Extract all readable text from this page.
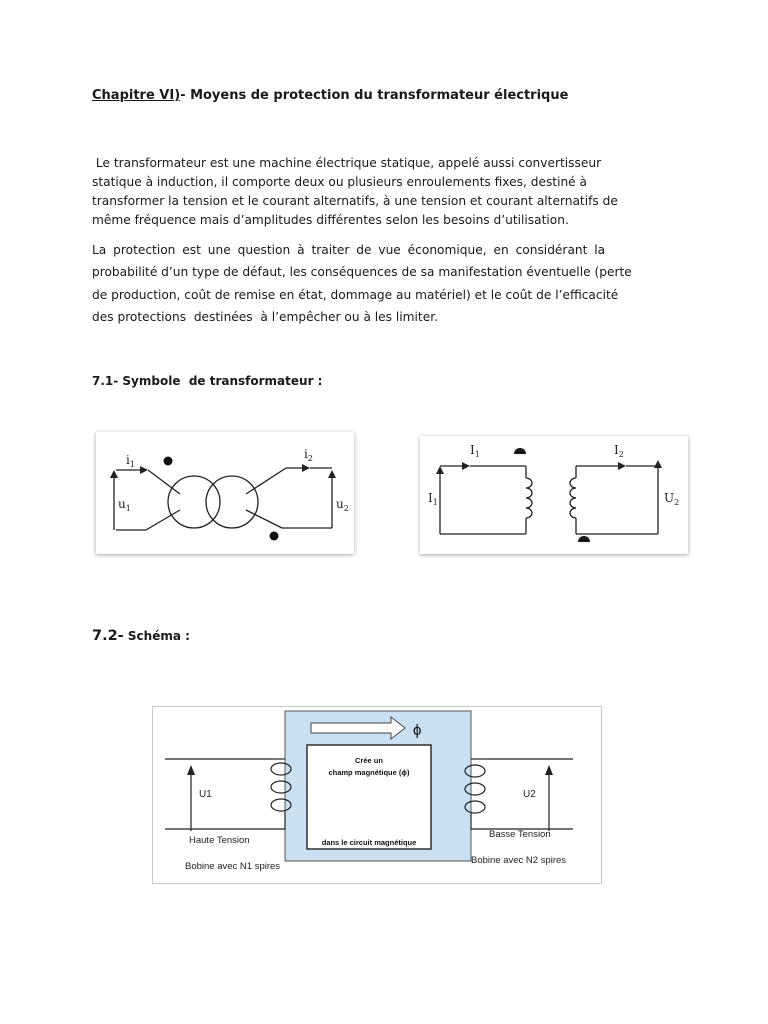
Chapitre VI)- Moyens de protection du transformateur électrique

Le transformateur est une machine électrique statique, appelé aussi convertisseur
statique à induction, il comporte deux ou plusieurs enroulements fixes, destiné à
transformer la tension et le courant alternatifs, à une tension et courant alternatifs de
même fréquence mais d’amplitudes différentes selon les besoins d’utilisation.

La protection est une question à traiter de vue économique, en considérant la
probabilité d’un type de défaut, les conséquences de sa manifestation éventuelle (perte
de production, coût de remise en état, dommage au matériel) et le coût de l’efficacité
des protections  destinées  à l’empêcher ou à les limiter.

7.1- Symbole  de transformateur :
$i_1$
$u_1$
$i_2$
$u_2$
$I_1$
$I_1$
$I_2$
$U_2$
7.2- Schéma :
ϕ
U1	U2
Crée un
champ magnétique (ϕ)
dans le circuit magnétique
Haute Tension
Bobine avec N1 spires
Basse Tension
Bobine avec N2 spires
